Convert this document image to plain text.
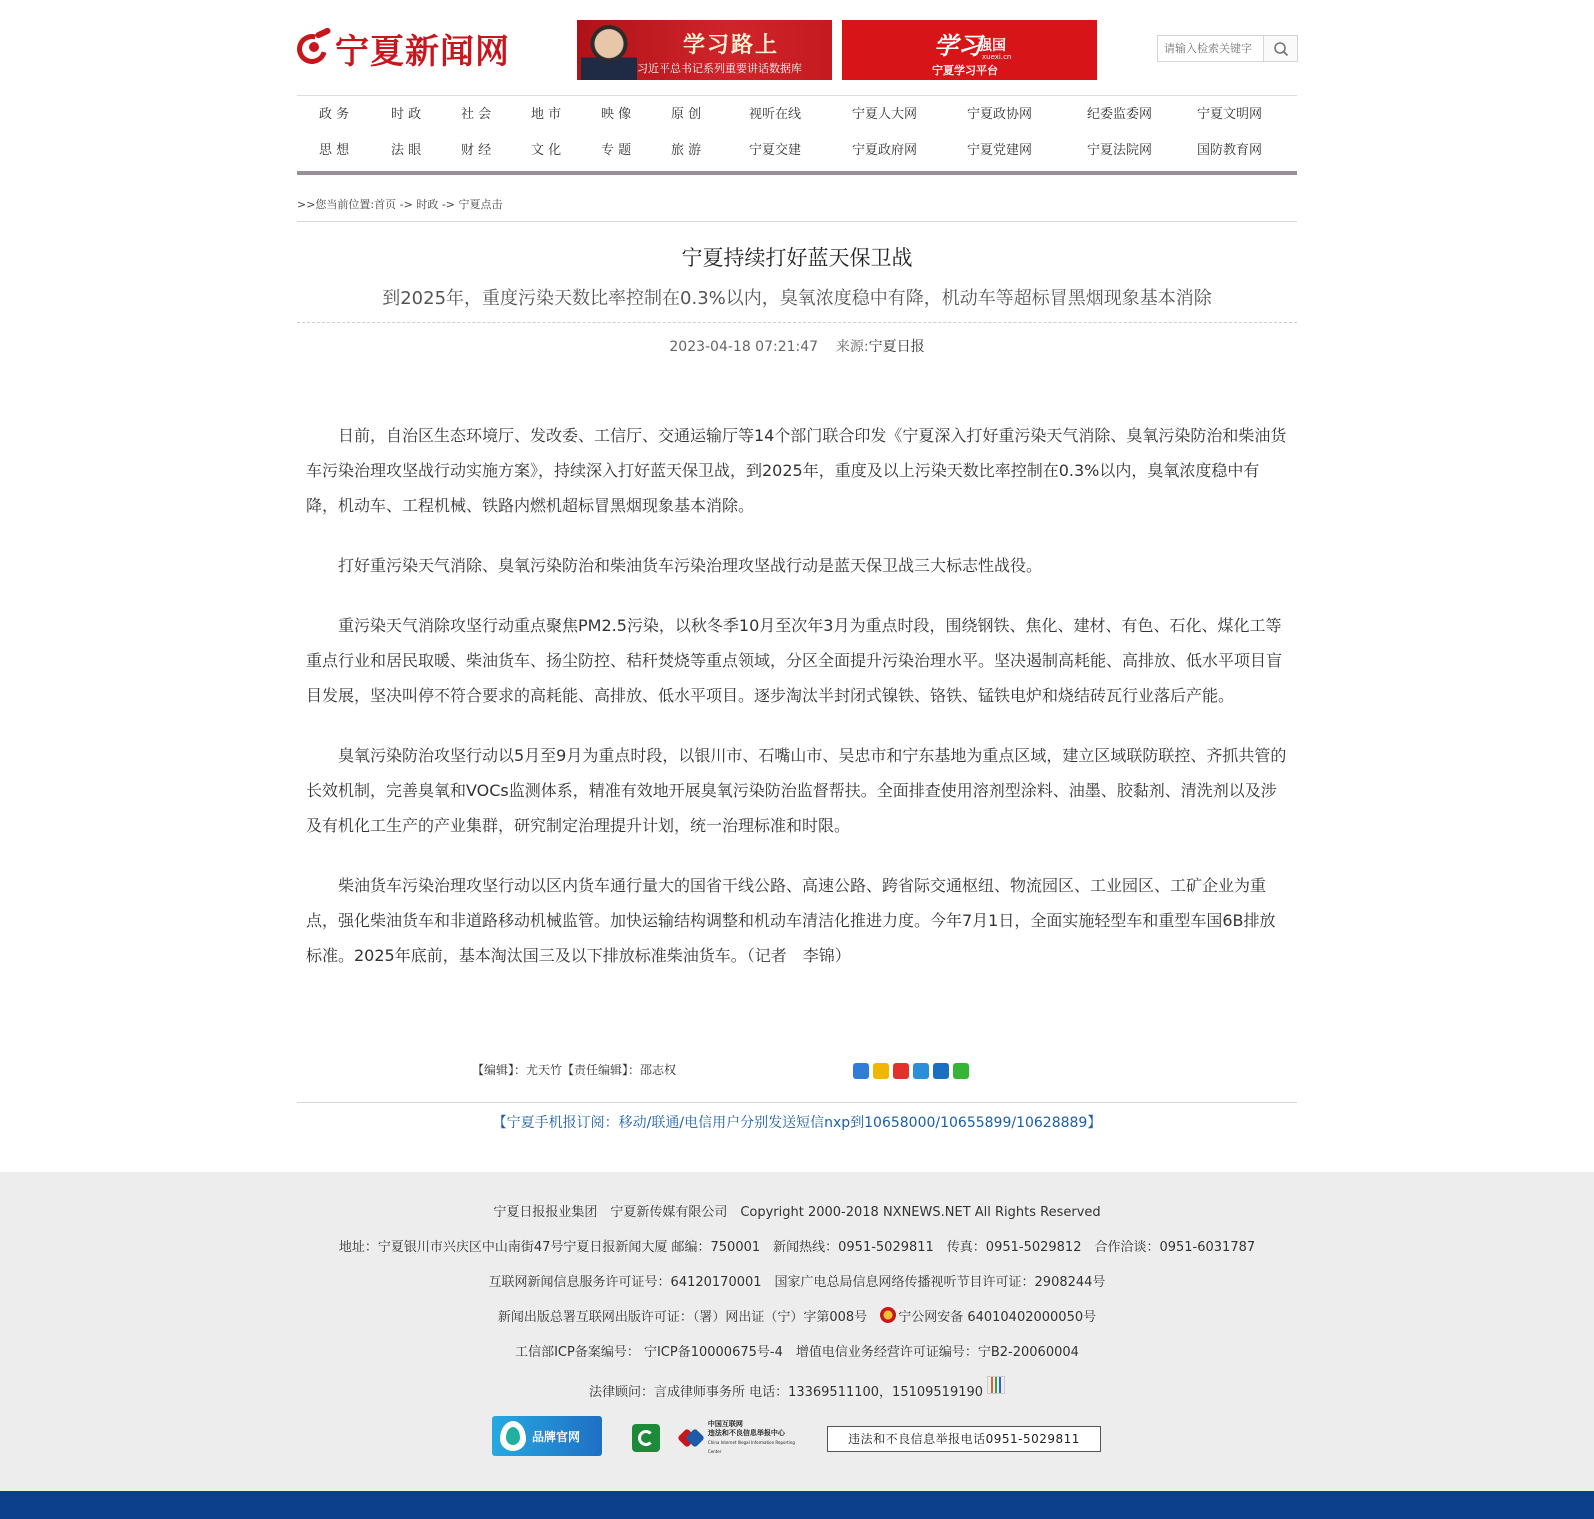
宁夏新闻网	学习路上
习近平总书记系列重要讲话数据库
学习
强国
xuexi.cn
宁夏学习平台
请输入检索关键字
政 务	时 政	社 会	地 市	映 像	原 创	视听在线	宁夏人大网	宁夏政协网	纪委监委网	宁夏文明网
思 想	法 眼	财 经	文 化	专 题	旅 游	宁夏交建	宁夏政府网	宁夏党建网	宁夏法院网	国防教育网
>>您当前位置:首页 -> 时政 -> 宁夏点击
宁夏持续打好蓝天保卫战
到2025年，重度污染天数比率控制在0.3%以内，臭氧浓度稳中有降，机动车等超标冒黑烟现象基本消除
2023-04-18 07:21:47 来源:宁夏日报

日前，自治区生态环境厅、发改委、工信厅、交通运输厅等14个部门联合印发《宁夏深入打好重污染天气消除、臭氧污染防治和柴油货车污染治理攻坚战行动实施方案》，持续深入打好蓝天保卫战，到2025年，重度及以上污染天数比率控制在0.3%以内，臭氧浓度稳中有降，机动车、工程机械、铁路内燃机超标冒黑烟现象基本消除。

打好重污染天气消除、臭氧污染防治和柴油货车污染治理攻坚战行动是蓝天保卫战三大标志性战役。

重污染天气消除攻坚行动重点聚焦PM2.5污染，以秋冬季10月至次年3月为重点时段，围绕钢铁、焦化、建材、有色、石化、煤化工等重点行业和居民取暖、柴油货车、扬尘防控、秸秆焚烧等重点领域，分区全面提升污染治理水平。坚决遏制高耗能、高排放、低水平项目盲目发展，坚决叫停不符合要求的高耗能、高排放、低水平项目。逐步淘汰半封闭式镍铁、铬铁、锰铁电炉和烧结砖瓦行业落后产能。

臭氧污染防治攻坚行动以5月至9月为重点时段，以银川市、石嘴山市、吴忠市和宁东基地为重点区域，建立区域联防联控、齐抓共管的长效机制，完善臭氧和VOCs监测体系，精准有效地开展臭氧污染防治监督帮扶。全面排查使用溶剂型涂料、油墨、胶黏剂、清洗剂以及涉及有机化工生产的产业集群，研究制定治理提升计划，统一治理标准和时限。

柴油货车污染治理攻坚行动以区内货车通行量大的国省干线公路、高速公路、跨省际交通枢纽、物流园区、工业园区、工矿企业为重点，强化柴油货车和非道路移动机械监管。加快运输结构调整和机动车清洁化推进力度。今年7月1日，全面实施轻型车和重型车国6B排放标准。2025年底前，基本淘汰国三及以下排放标准柴油货车。（记者　李锦）

【编辑】：尤天竹【责任编辑】：邵志权
【宁夏手机报订阅：移动/联通/电信用户分别发送短信nxp到10658000/10655899/10628889】
宁夏日报报业集团　宁夏新传媒有限公司　Copyright 2000-2018 NXNEWS.NET All Rights Reserved
地址：宁夏银川市兴庆区中山南街47号宁夏日报新闻大厦 邮编：750001　新闻热线：0951-5029811　传真：0951-5029812　合作洽谈：0951-6031787
互联网新闻信息服务许可证号：64120170001　国家广电总局信息网络传播视听节目许可证：2908244号
新闻出版总署互联网出版许可证：（署）网出证（宁）字第008号　宁公网安备 64010402000050号
工信部ICP备案编号： 宁ICP备10000675号-4　增值电信业务经营许可证编号：宁B2-20060004
法律顾问：言成律师事务所 电话：13369511100，15109519190
品牌官网
中国互联网
违法和不良信息举报中心
China Internet Illegal Information Reporting Center
违法和不良信息举报电话0951-5029811
